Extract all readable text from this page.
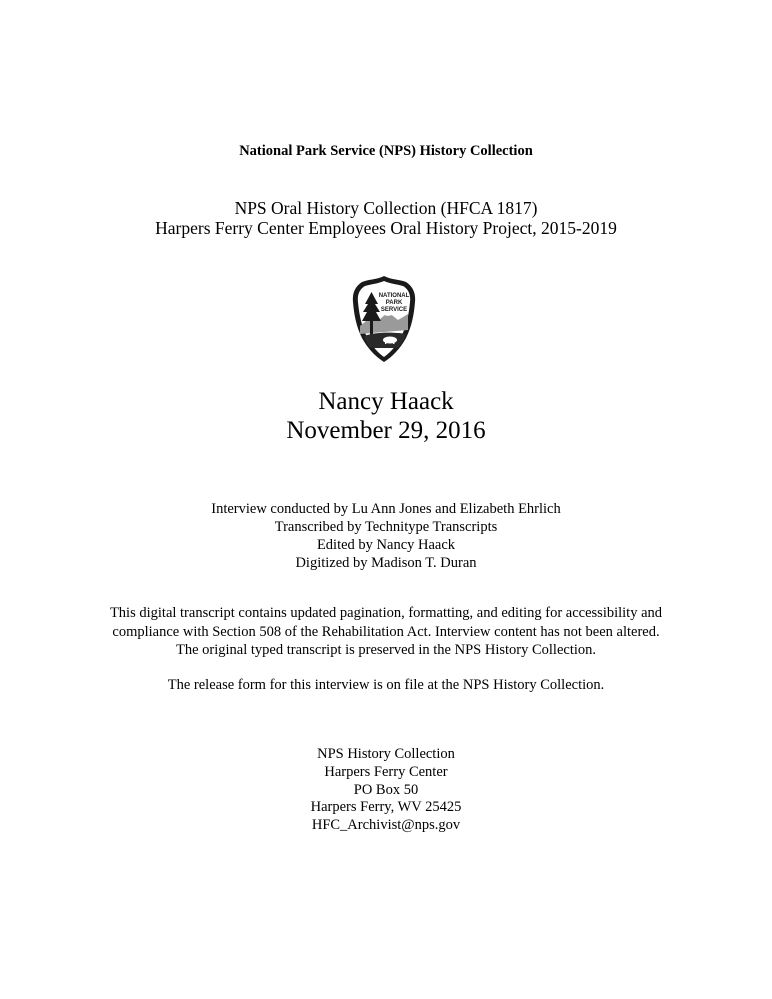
National Park Service (NPS) History Collection
NPS Oral History Collection (HFCA 1817)
Harpers Ferry Center Employees Oral History Project, 2015-2019
NATIONAL
PARK
SERVICE
Nancy Haack
November 29, 2016
Interview conducted by Lu Ann Jones and Elizabeth Ehrlich
Transcribed by Technitype Transcripts
Edited by Nancy Haack
Digitized by Madison T. Duran
This digital transcript contains updated pagination, formatting, and editing for accessibility and
compliance with Section 508 of the Rehabilitation Act. Interview content has not been altered.
The original typed transcript is preserved in the NPS History Collection.
The release form for this interview is on file at the NPS History Collection.
NPS History Collection
Harpers Ferry Center
PO Box 50
Harpers Ferry, WV 25425
HFC_Archivist@nps.gov
